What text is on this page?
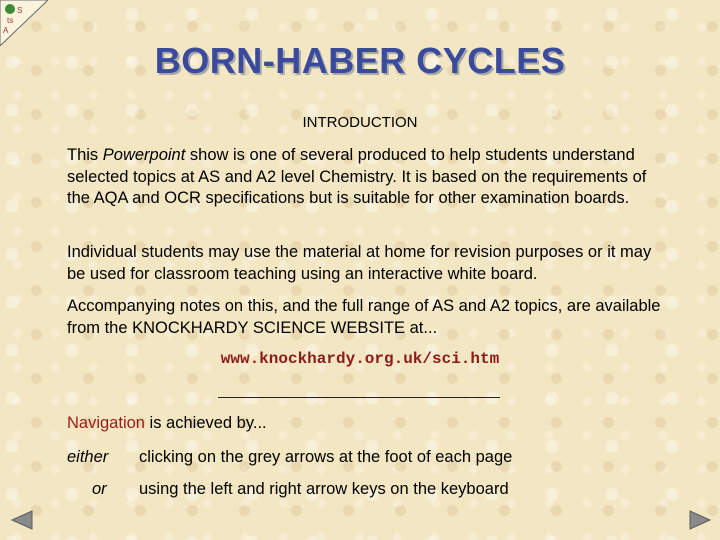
S
ts
A
BORN-HABER CYCLES
INTRODUCTION
This Powerpoint show is one of several produced to help students understand selected topics at AS and A2 level Chemistry. It is based on the requirements of the AQA and OCR specifications but is suitable for other examination boards.
Individual students may use the material at home for revision purposes or it may be used for classroom teaching using an interactive white board.
Accompanying notes on this, and the full range of AS and A2 topics, are available from the KNOCKHARDY SCIENCE WEBSITE at...
www.knockhardy.org.uk/sci.htm
Navigation is achieved by...
either clicking on the grey arrows at the foot of each page
or using the left and right arrow keys on the keyboard
